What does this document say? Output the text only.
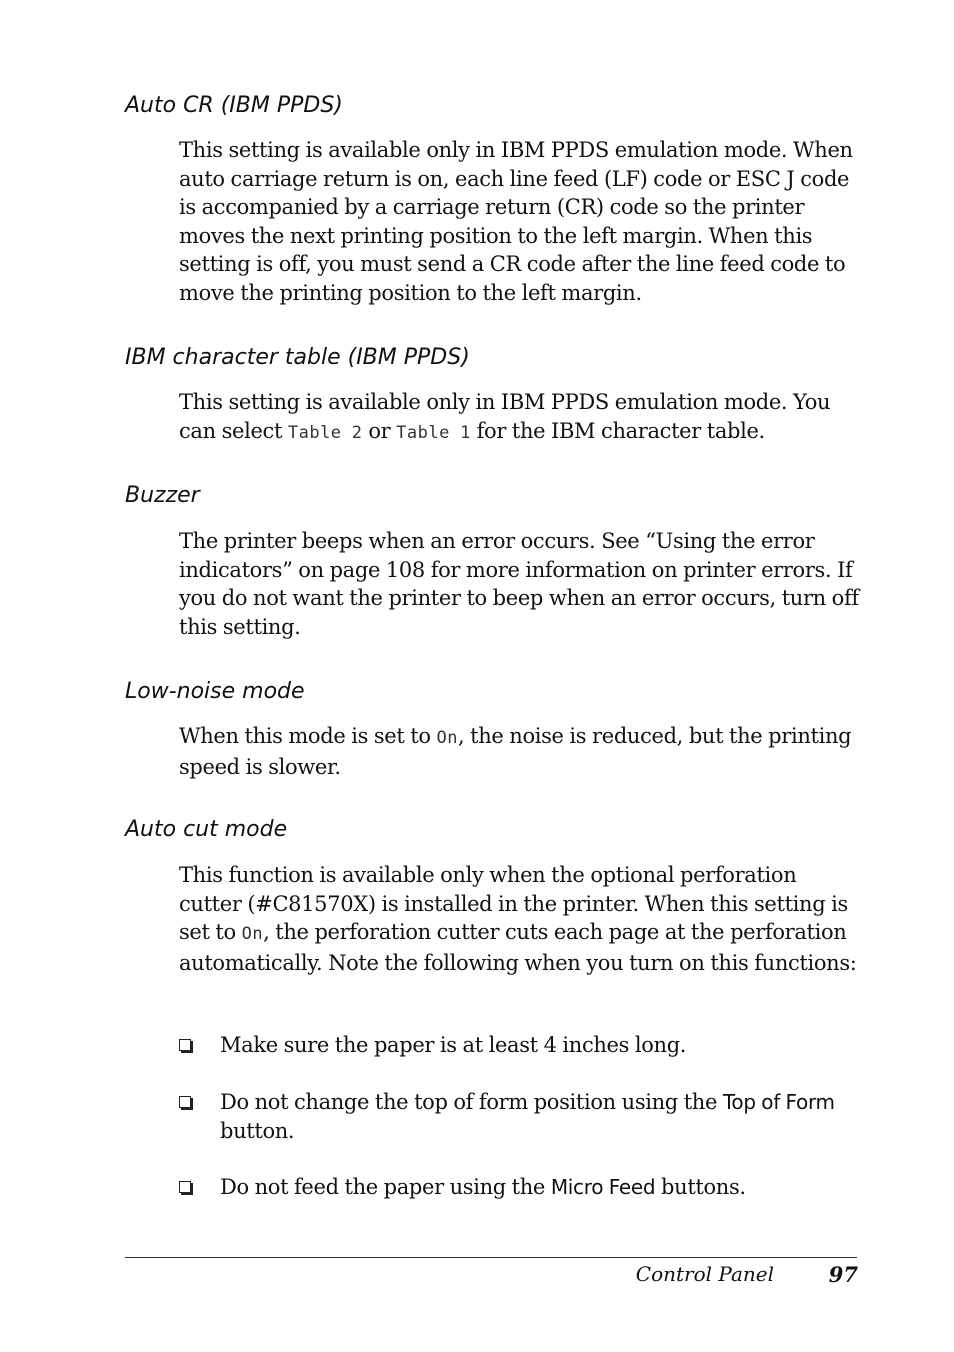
Auto CR (IBM PPDS)

This setting is available only in IBM PPDS emulation mode. When auto carriage return is on, each line feed (LF) code or ESC J code is accompanied by a carriage return (CR) code so the printer moves the next printing position to the left margin. When this setting is off, you must send a CR code after the line feed code to move the printing position to the left margin.

IBM character table (IBM PPDS)

This setting is available only in IBM PPDS emulation mode. You can select Table 2 or Table 1 for the IBM character table.

Buzzer

The printer beeps when an error occurs. See “Using the error indicators” on page 108 for more information on printer errors. If you do not want the printer to beep when an error occurs, turn off this setting.

Low-noise mode

When this mode is set to On, the noise is reduced, but the printing speed is slower.

Auto cut mode

This function is available only when the optional perforation cutter (#C81570X) is installed in the printer. When this setting is set to On, the perforation cutter cuts each page at the perforation automatically. Note the following when you turn on this functions:

Make sure the paper is at least 4 inches long.

Do not change the top of form position using the Top of Form button.

Do not feed the paper using the Micro Feed buttons.

Control Panel	97
